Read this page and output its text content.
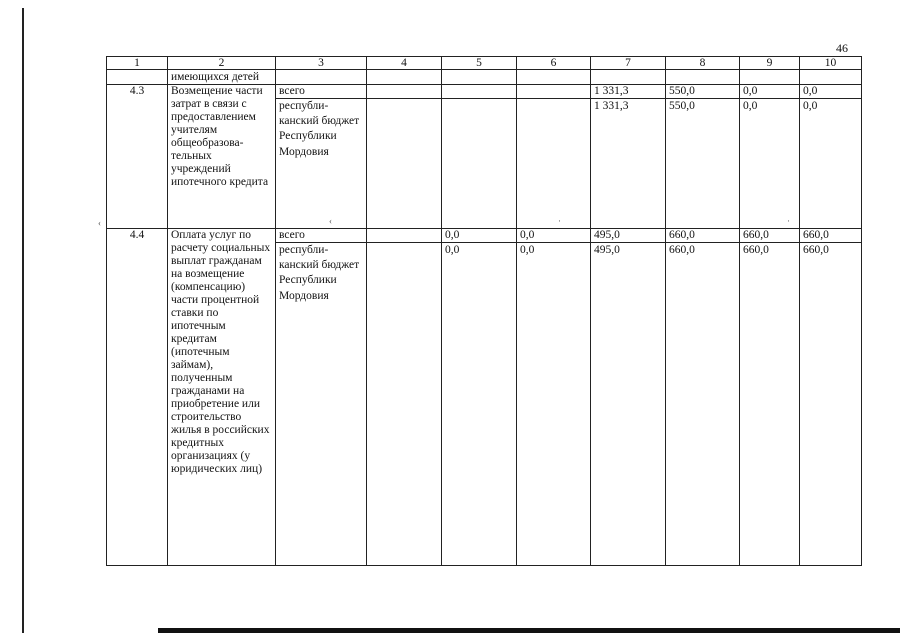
46
1	2	3	4	5	6	7	8	9	10
	имеющихся детей								
4.3	Возмещение части затрат в связи с предоставлением учителям общеобразова-тельных учреждений ипотечного кредита	всего				1 331,3	550,0	0,0	0,0
		республи-канский бюджет Республики Мордовия				1 331,3	550,0	0,0	0,0
4.4	Оплата услуг по расчету социальных выплат гражданам на возмещение (компенсацию) части процентной ставки по ипотечным кредитам (ипотечным займам), полученным гражданами на приобретение или строительство жилья в российских кредитных организациях (у юридических лиц)	всего		0,0	0,0	495,0	660,0	660,0	660,0
		республи-канский бюджет Республики Мордовия		0,0	0,0	495,0	660,0	660,0	660,0
‹	‹	·	·
